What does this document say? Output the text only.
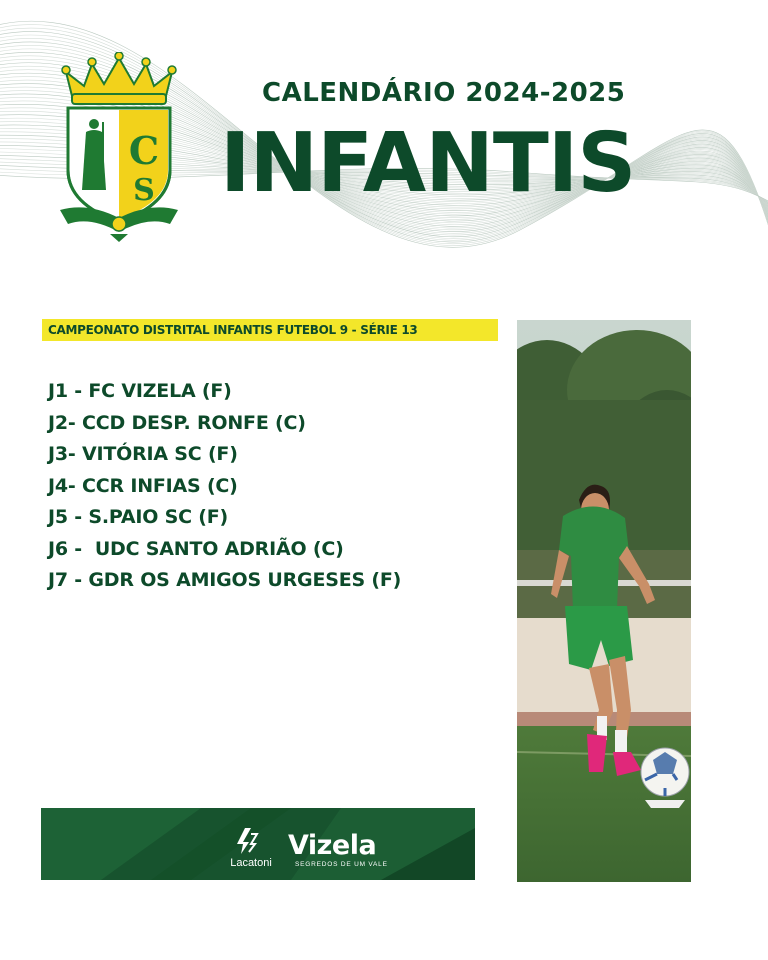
C
S
CALENDÁRIO 2024-2025
INFANTIS
CAMPEONATO DISTRITAL INFANTIS FUTEBOL 9 - SÉRIE 13
J1 - FC VIZELA (F)
J2- CCD DESP. RONFE (C)
J3- VITÓRIA SC (F)
J4- CCR INFIAS (C)
J5 - S.PAIO SC (F)
J6 -  UDC SANTO ADRIÃO (C)
J7 - GDR OS AMIGOS URGESES (F)
Lacatoni
Vizela
SEGREDOS DE UM VALE
